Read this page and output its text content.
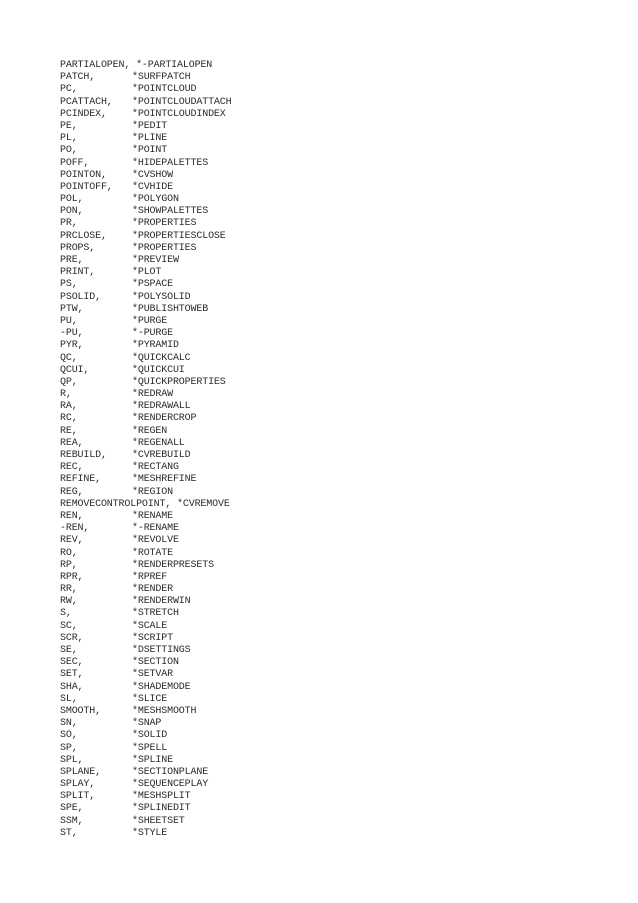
PARTIALOPEN, *-PARTIALOPEN
PATCH,	*SURFPATCH
PC,	*POINTCLOUD
PCATTACH, *POINTCLOUDATTACH
PCINDEX,	*POINTCLOUDINDEX
PE,	*PEDIT
PL,	*PLINE
PO,	*POINT
POFF,	*HIDEPALETTES
POINTON,	*CVSHOW
POINTOFF, *CVHIDE
POL,	*POLYGON
PON,	*SHOWPALETTES
PR,	*PROPERTIES
PRCLOSE,	*PROPERTIESCLOSE
PROPS,	*PROPERTIES
PRE,	*PREVIEW
PRINT,	*PLOT
PS,	*PSPACE
PSOLID,	*POLYSOLID
PTW,	*PUBLISHTOWEB
PU,	*PURGE
-PU,	*-PURGE
PYR,	*PYRAMID
QC,	*QUICKCALC
QCUI,	*QUICKCUI
QP,	*QUICKPROPERTIES
R,	*REDRAW
RA,	*REDRAWALL
RC,	*RENDERCROP
RE,	*REGEN
REA,	*REGENALL
REBUILD,	*CVREBUILD
REC,	*RECTANG
REFINE,	*MESHREFINE
REG,	*REGION
REMOVECONTROLPOINT, *CVREMOVE
REN,	*RENAME
-REN,	*-RENAME
REV,	*REVOLVE
RO,	*ROTATE
RP,	*RENDERPRESETS
RPR,	*RPREF
RR,	*RENDER
RW,	*RENDERWIN
S,	*STRETCH
SC,	*SCALE
SCR,	*SCRIPT
SE,	*DSETTINGS
SEC,	*SECTION
SET,	*SETVAR
SHA,	*SHADEMODE
SL,	*SLICE
SMOOTH,	*MESHSMOOTH
SN,	*SNAP
SO,	*SOLID
SP,	*SPELL
SPL,	*SPLINE
SPLANE,	*SECTIONPLANE
SPLAY,	*SEQUENCEPLAY
SPLIT,	*MESHSPLIT
SPE,	*SPLINEDIT
SSM,	*SHEETSET
ST,	*STYLE
